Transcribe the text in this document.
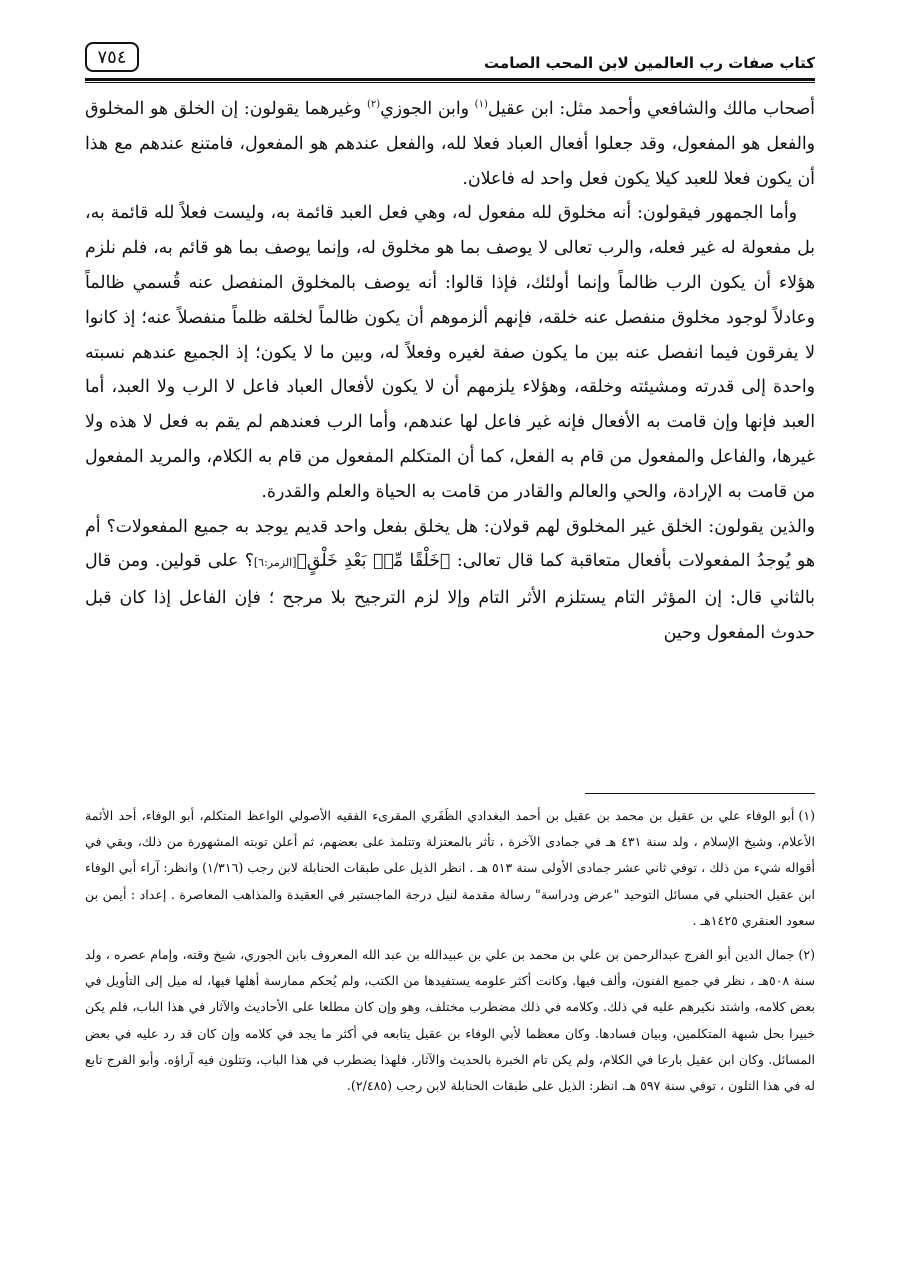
كتاب صفات رب العالمين لابن المحب الصامت
٧٥٤

أصحاب مالك والشافعي وأحمد مثل: ابن عقيل$^{(١)}$ وابن الجوزي$^{(٢)}$ وغيرهما يقولون: إن الخلق هو المخلوق والفعل هو المفعول، وقد جعلوا أفعال العباد فعلا لله، والفعل عندهم هو المفعول، فامتنع عندهم مع هذا أن يكون فعلا للعبد كيلا يكون فعل واحد له فاعلان.

وأما الجمهور فيقولون: أنه مخلوق لله مفعول له، وهي فعل العبد قائمة به، وليست فعلاً لله قائمة به، بل مفعولة له غير فعله، والرب تعالى لا يوصف بما هو مخلوق له، وإنما يوصف بما هو قائم به، فلم نلزم هؤلاء أن يكون الرب ظالماً وإنما أولئك، فإذا قالوا: أنه يوصف بالمخلوق المنفصل عنه قُسمي ظالماً وعادلاً لوجود مخلوق منفصل عنه خلقه، فإنهم ألزموهم أن يكون ظالماً لخلقه ظلماً منفصلاً عنه؛ إذ كانوا لا يفرقون فيما انفصل عنه بين ما يكون صفة لغيره وفعلاً له، وبين ما لا يكون؛ إذ الجميع عندهم نسبته واحدة إلى قدرته ومشيئته وخلقه، وهؤلاء يلزمهم أن لا يكون لأفعال العباد فاعل لا الرب ولا العبد، أما العبد فإنها وإن قامت به الأفعال فإنه غير فاعل لها عندهم، وأما الرب فعندهم لم يقم به فعل لا هذه ولا غيرها، والفاعل والمفعول من قام به الفعل، كما أن المتكلم المفعول من قام به الكلام، والمريد المفعول من قامت به الإرادة، والحي والعالم والقادر من قامت به الحياة والعلم والقدرة.

والذين يقولون: الخلق غير المخلوق لهم قولان: هل يخلق بفعل واحد قديم يوجد به جميع المفعولات؟ أم هو يُوجدُ المفعولات بأفعال متعاقبة كما قال تعالى: ﴿خَلْقًا مِّنۢ بَعْدِ خَلْقٍ﴾[الزمر:٦]؟ على قولين. ومن قال بالثاني قال: إن المؤثر التام يستلزم الأثر التام وإلا لزم الترجيح بلا مرجح ؛ فإن الفاعل إذا كان قبل حدوث المفعول وحين

(١)أبو الوفاء علي بن عقيل بن محمد بن عقيل بن أحمد البغدادي الظَفَري المقرىء الفقيه الأصولي الواعظ المتكلم، أبو الوفاء، أحد الأئمة الأعلام، وشيخ الإسلام ، ولد سنة ٤٣١ هـ في جمادى الآخرة ، تأثر بالمعتزلة وتتلمذ على بعضهم، ثم أعلن توبته المشهورة من ذلك، وبقي في أقواله شيء من ذلك ، توفي ثاني عشر جمادى الأولى سنة ٥١٣ هـ . انظر الذيل على طبقات الحنابلة لابن رجب (١/٣١٦) وانظر: آراء أبي الوفاء ابن عقيل الحنبلي في مسائل التوحيد "عرض ودراسة" رسالة مقدمة لنيل درجة الماجستير في العقيدة والمذاهب المعاصرة . إعداد : أيمن بن سعود العنقري ١٤٢٥هـ .

(٢)جمال الدين أبو الفرج عبدالرحمن بن علي بن محمد بن علي بن عبيدالله بن عبد الله المعروف بابن الجوري، شيخ وقته، وإمام عصره ، ولد سنة ٥٠٨هـ ، نظر في جميع الفنون، وألف فيها. وكانت أكثر علومه يستفيدها من الكتب، ولم يُحكم ممارسة أهلها فيها، له ميل إلى التأويل في بعض كلامه، واشتد نكيرهم عليه في ذلك. وكلامه في ذلك مضطرب مختلف، وهو وإن كان مطلعا على الأحاديث والآثار في هذا الباب، فلم يكن خبيرا بحل شبهة المتكلمين، وبيان فسادها. وكان معظما لأبي الوفاء بن عقيل يتابعه في أكثر ما يجد في كلامه وإن كان قد رد عليه في بعض المسائل. وكان ابن عقيل بارعا في الكلام، ولم يكن تام الخبرة بالحديث والآثار. فلهذا يضطرب في هذا الباب، وتتلون فيه آراؤه. وأبو الفرج تابع له في هذا التلون ، توفي سنة ٥٩٧ هـ. انظر: الذيل على طبقات الحنابلة لابن رجب (٢/٤٨٥).
